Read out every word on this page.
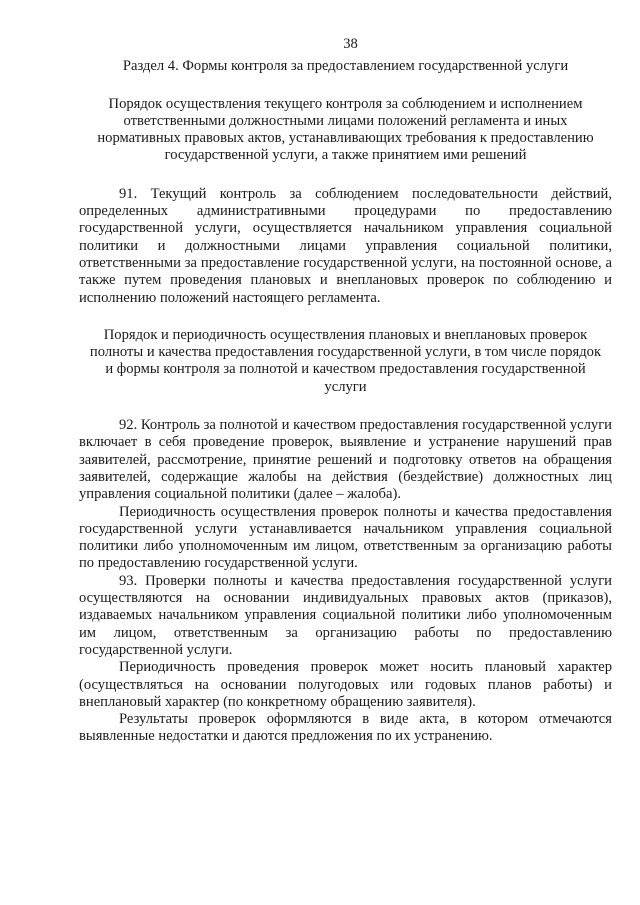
38
Раздел 4. Формы контроля за предоставлением государственной услуги
Порядок осуществления текущего контроля за соблюдением и исполнением ответственными должностными лицами положений регламента и иных нормативных правовых актов, устанавливающих требования к предоставлению государственной услуги, а также принятием ими решений

91. Текущий контроль за соблюдением последовательности действий, определенных административными процедурами по предоставлению государственной услуги, осуществляется начальником управления социальной политики и должностными лицами управления социальной политики, ответственными за предоставление государственной услуги, на постоянной основе, а также путем проведения плановых и внеплановых проверок по соблюдению и исполнению положений настоящего регламента.

Порядок и периодичность осуществления плановых и внеплановых проверок полноты и качества предоставления государственной услуги, в том числе порядок и формы контроля за полнотой и качеством предоставления государственной услуги

92. Контроль за полнотой и качеством предоставления государственной услуги включает в себя проведение проверок, выявление и устранение нарушений прав заявителей, рассмотрение, принятие решений и подготовку ответов на обращения заявителей, содержащие жалобы на действия (бездействие) должностных лиц управления социальной политики (далее – жалоба).

Периодичность осуществления проверок полноты и качества предоставления государственной услуги устанавливается начальником управления социальной политики либо уполномоченным им лицом, ответственным за организацию работы по предоставлению государственной услуги.

93. Проверки полноты и качества предоставления государственной услуги осуществляются на основании индивидуальных правовых актов (приказов), издаваемых начальником управления социальной политики либо уполномоченным им лицом, ответственным за организацию работы по предоставлению государственной услуги.

Периодичность проведения проверок может носить плановый характер (осуществляться на основании полугодовых или годовых планов работы) и внеплановый характер (по конкретному обращению заявителя).

Результаты проверок оформляются в виде акта, в котором отмечаются выявленные недостатки и даются предложения по их устранению.
